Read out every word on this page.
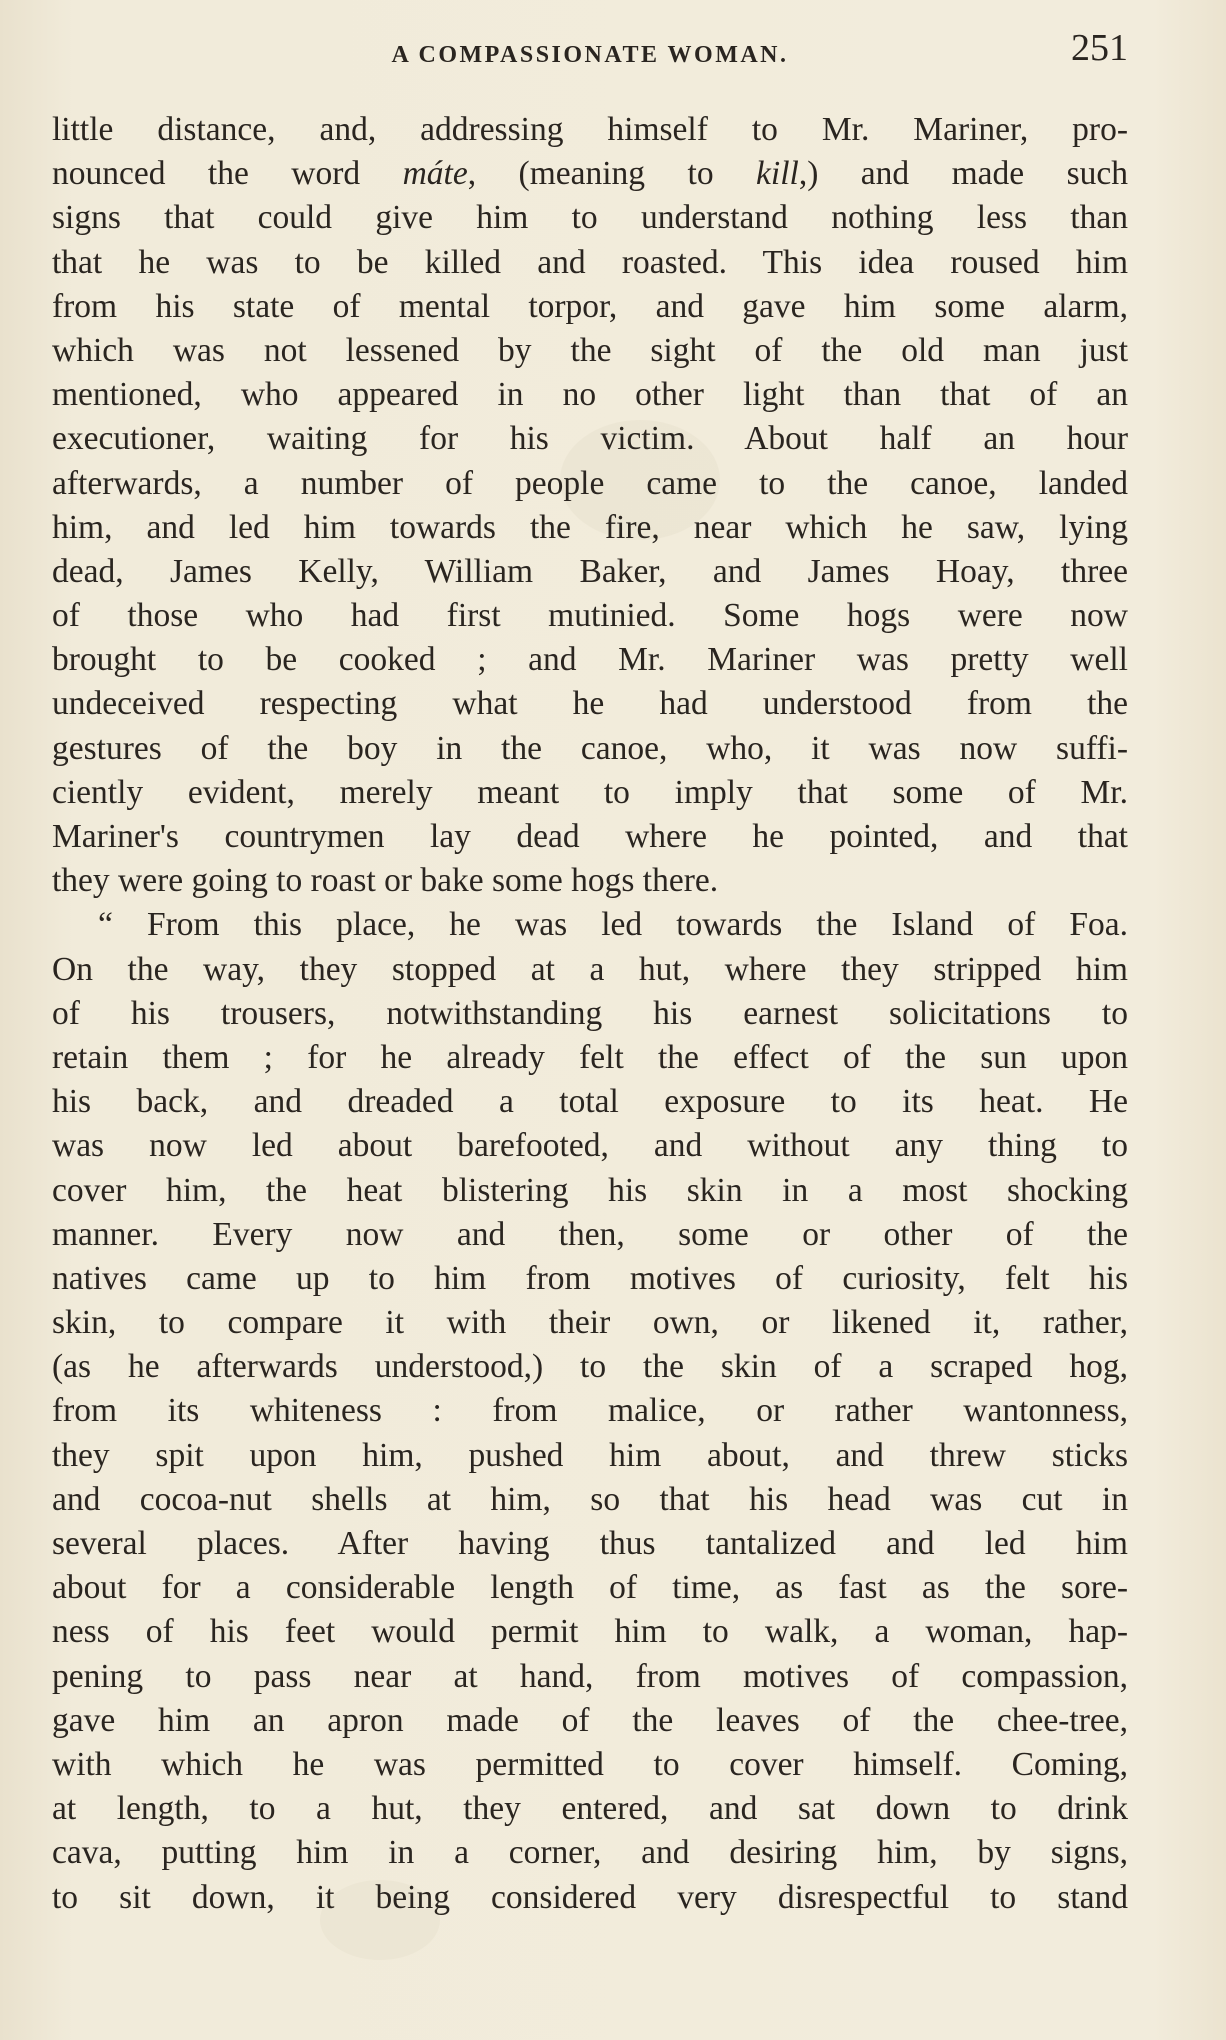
A COMPASSIONATE WOMAN.	251
little distance, and, addressing himself to Mr. Mariner, pro-
nounced the word máte, (meaning to kill,) and made such
signs that could give him to understand nothing less than
that he was to be killed and roasted. This idea roused him
from his state of mental torpor, and gave him some alarm,
which was not lessened by the sight of the old man just
mentioned, who appeared in no other light than that of an
executioner, waiting for his victim. About half an hour
afterwards, a number of people came to the canoe, landed
him, and led him towards the fire, near which he saw, lying
dead, James Kelly, William Baker, and James Hoay, three
of those who had first mutinied. Some hogs were now
brought to be cooked ; and Mr. Mariner was pretty well
undeceived respecting what he had understood from the
gestures of the boy in the canoe, who, it was now suffi-
ciently evident, merely meant to imply that some of Mr.
Mariner's countrymen lay dead where he pointed, and that
they were going to roast or bake some hogs there.
“ From this place, he was led towards the Island of Foa.
On the way, they stopped at a hut, where they stripped him
of his trousers, notwithstanding his earnest solicitations to
retain them ; for he already felt the effect of the sun upon
his back, and dreaded a total exposure to its heat. He
was now led about barefooted, and without any thing to
cover him, the heat blistering his skin in a most shocking
manner. Every now and then, some or other of the
natives came up to him from motives of curiosity, felt his
skin, to compare it with their own, or likened it, rather,
(as he afterwards understood,) to the skin of a scraped hog,
from its whiteness : from malice, or rather wantonness,
they spit upon him, pushed him about, and threw sticks
and cocoa-nut shells at him, so that his head was cut in
several places. After having thus tantalized and led him
about for a considerable length of time, as fast as the sore-
ness of his feet would permit him to walk, a woman, hap-
pening to pass near at hand, from motives of compassion,
gave him an apron made of the leaves of the chee-tree,
with which he was permitted to cover himself. Coming,
at length, to a hut, they entered, and sat down to drink
cava, putting him in a corner, and desiring him, by signs,
to sit down, it being considered very disrespectful to stand
